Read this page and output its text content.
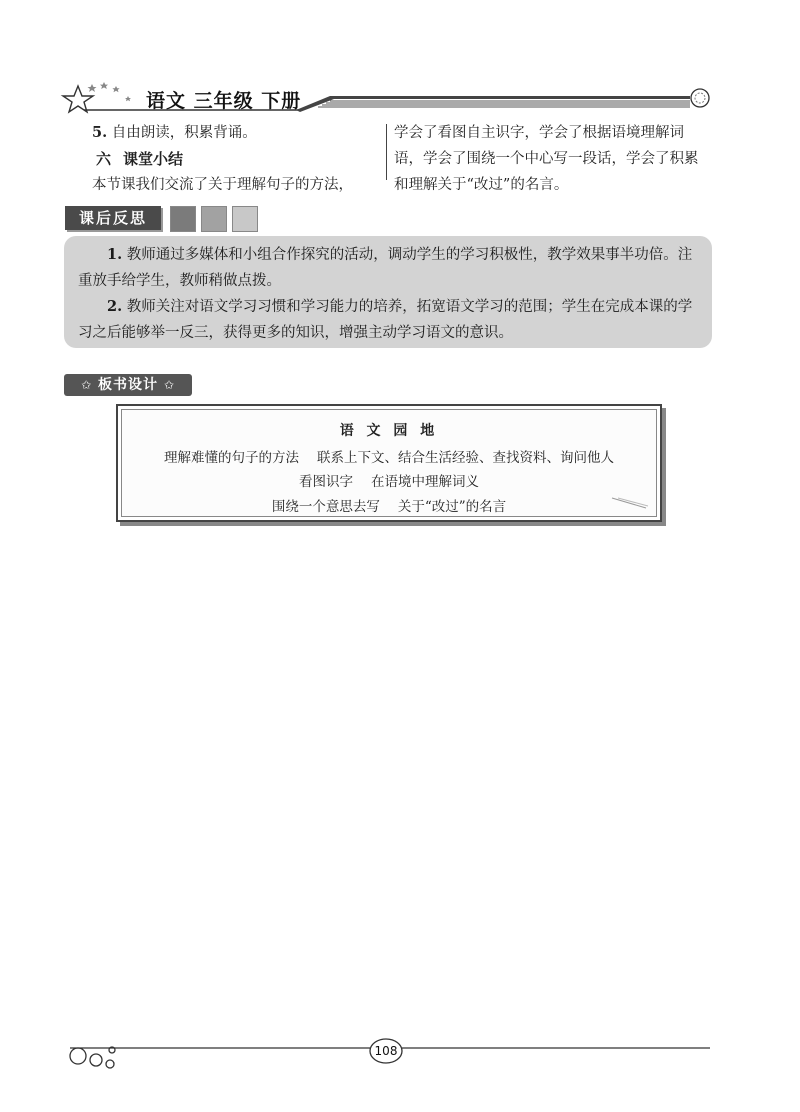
语文 三年级 下册
5. 自由朗读，积累背诵。
六 课堂小结
本节课我们交流了关于理解句子的方法，
学会了看图自主识字，学会了根据语境理解词
语，学会了围绕一个中心写一段话，学会了积累
和理解关于“改过”的名言。
课后反思

1. 教师通过多媒体和小组合作探究的活动，调动学生的学习积极性，教学效果事半功倍。注重放手给学生，教师稍做点拨。

2. 教师关注对语文学习习惯和学习能力的培养，拓宽语文学习的范围；学生在完成本课的学习之后能够举一反三，获得更多的知识，增强主动学习语文的意识。

✩ 板书设计 ✩
语 文 园 地
理解难懂的句子的方法 联系上下文、结合生活经验、查找资料、询问他人
看图识字 在语境中理解词义
围绕一个意思去写 关于“改过”的名言
108
